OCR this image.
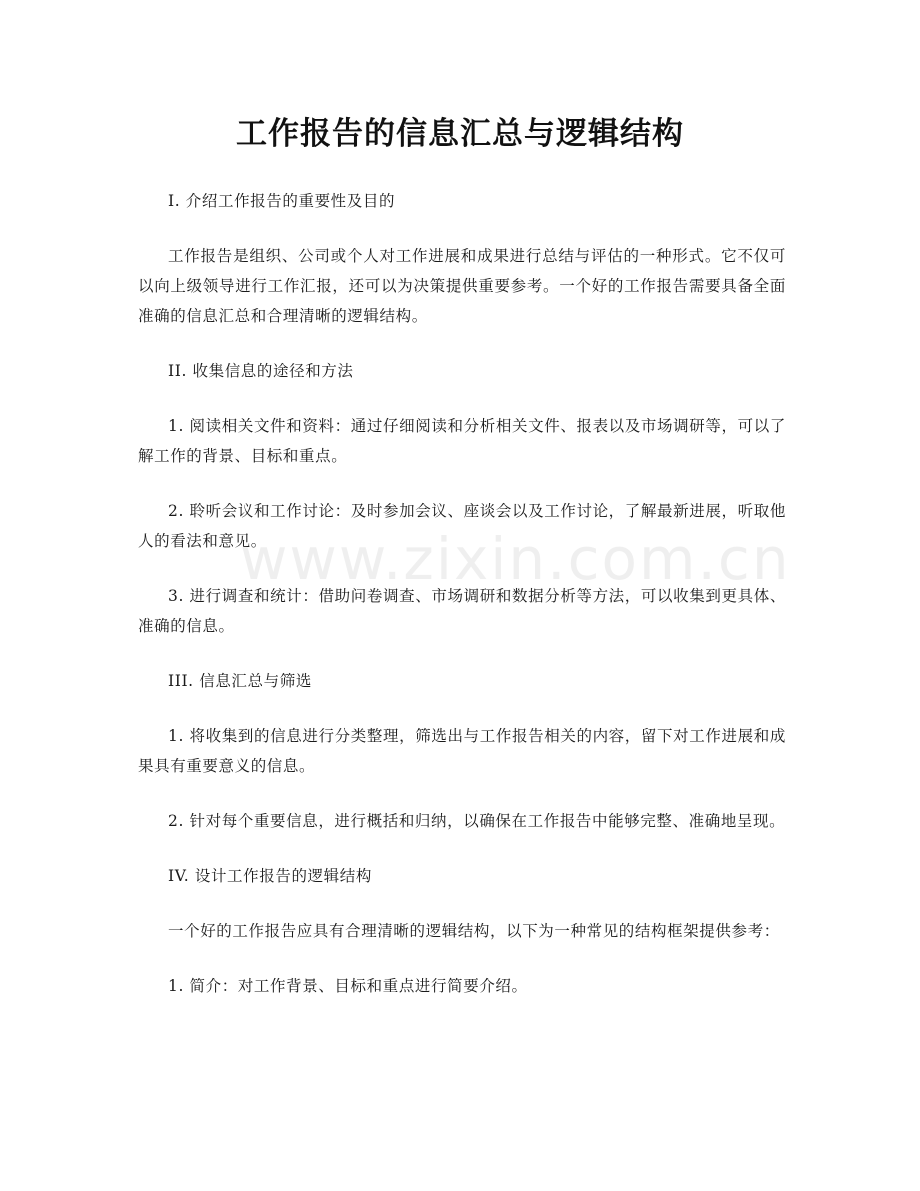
工作报告的信息汇总与逻辑结构
www.zixin.com.cn

I. 介绍工作报告的重要性及目的

工作报告是组织、公司或个人对工作进展和成果进行总结与评估的一种形式。它不仅可以向上级领导进行工作汇报，还可以为决策提供重要参考。一个好的工作报告需要具备全面准确的信息汇总和合理清晰的逻辑结构。

II. 收集信息的途径和方法

1. 阅读相关文件和资料：通过仔细阅读和分析相关文件、报表以及市场调研等，可以了解工作的背景、目标和重点。

2. 聆听会议和工作讨论：及时参加会议、座谈会以及工作讨论，了解最新进展，听取他人的看法和意见。

3. 进行调查和统计：借助问卷调查、市场调研和数据分析等方法，可以收集到更具体、准确的信息。

III. 信息汇总与筛选

1. 将收集到的信息进行分类整理，筛选出与工作报告相关的内容，留下对工作进展和成果具有重要意义的信息。

2. 针对每个重要信息，进行概括和归纳，以确保在工作报告中能够完整、准确地呈现。

IV. 设计工作报告的逻辑结构

一个好的工作报告应具有合理清晰的逻辑结构，以下为一种常见的结构框架提供参考：

1. 简介：对工作背景、目标和重点进行简要介绍。
